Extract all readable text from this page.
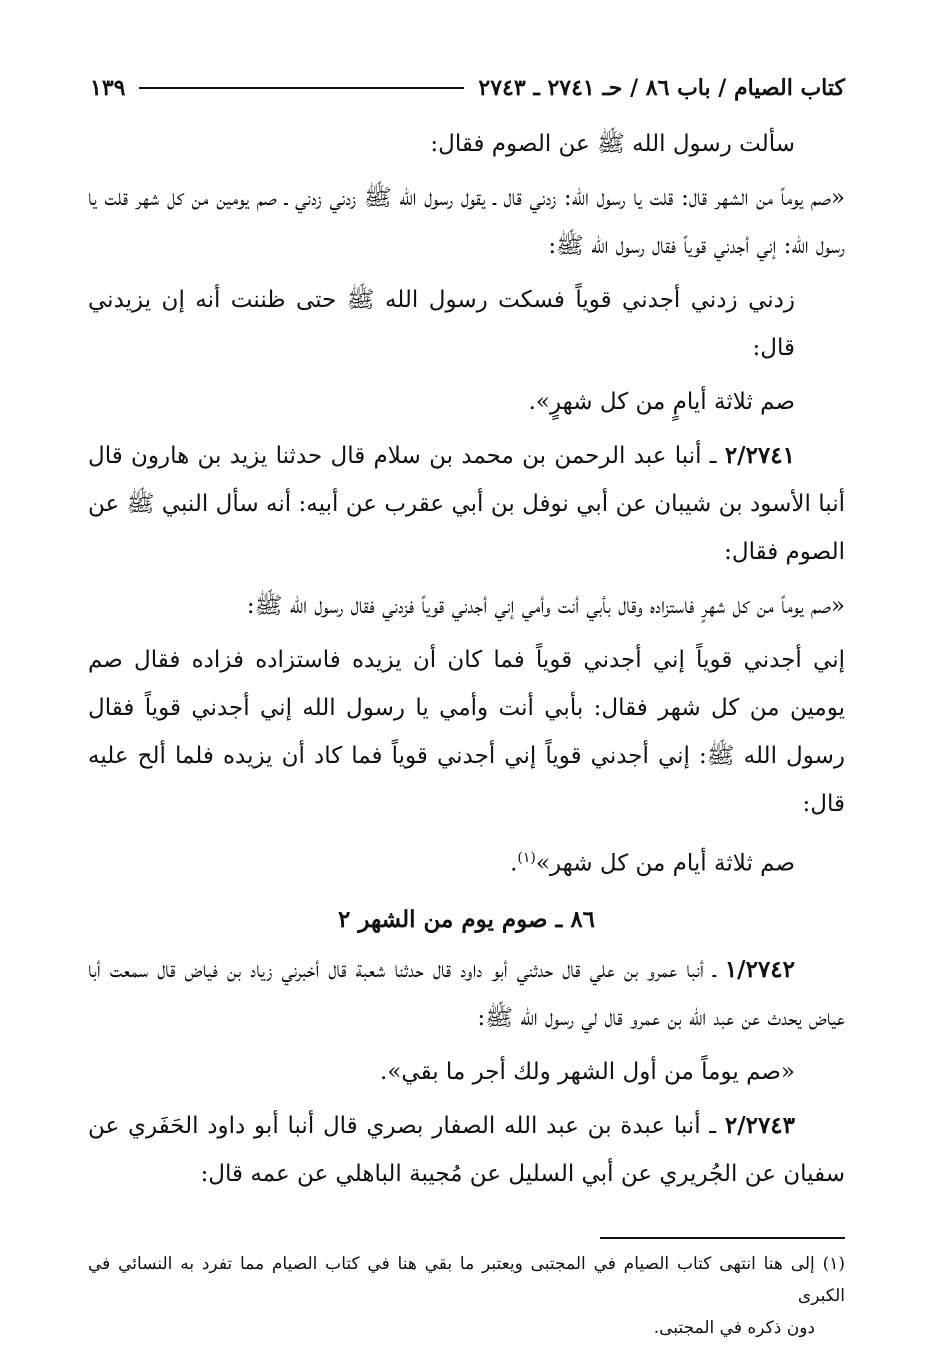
كتاب الصيام / باب ٨٦ / حـ ٢٧٤١ ـ ٢٧٤٣
١٣٩

سألت رسول الله ﷺ عن الصوم فقال:

«صم يوماً من الشهر قال: قلت يا رسول الله: زدني قال ـ يقول رسول الله ﷺ زدني زدني ـ صم يومين من كل شهر قلت يا رسول الله: إني أجدني قوياً فقال رسول الله ﷺ:

زدني زدني أجدني قوياً فسكت رسول الله ﷺ حتى ظننت أنه إن يزيدني قال:

صم ثلاثة أيامٍ من كل شهرٍ».

٢/٢٧٤١ ـ أنبا عبد الرحمن بن محمد بن سلام قال حدثنا يزيد بن هارون قال أنبا الأسود بن شيبان عن أبي نوفل بن أبي عقرب عن أبيه: أنه سأل النبي ﷺ عن الصوم فقال:

«صم يوماً من كل شهرٍ فاستزاده وقال بأبي أنت وأمي إني أجدني قوياً فزدني فقال رسول الله ﷺ:

إني أجدني قوياً إني أجدني قوياً فما كان أن يزيده فاستزاده فزاده فقال صم يومين من كل شهر فقال: بأبي أنت وأمي يا رسول الله إني أجدني قوياً فقال رسول الله ﷺ: إني أجدني قوياً إني أجدني قوياً فما كاد أن يزيده فلما ألح عليه قال:

صم ثلاثة أيام من كل شهر»$^{(١)}$.

٨٦ ـ صوم يوم من الشهر ٢

١/٢٧٤٢ ـ أنبا عمرو بن علي قال حدثني أبو داود قال حدثنا شعبة قال أخبرني زياد بن فياض قال سمعت أبا عياض يحدث عن عبد الله بن عمرو قال لي رسول الله ﷺ:

«صم يوماً من أول الشهر ولك أجر ما بقي».

٢/٢٧٤٣ ـ أنبا عبدة بن عبد الله الصفار بصري قال أنبا أبو داود الحَفَري عن سفيان عن الجُريري عن أبي السليل عن مُجيبة الباهلي عن عمه قال:

(١) إلى هنا انتهى كتاب الصيام في المجتبى ويعتبر ما بقي هنا في كتاب الصيام مما تفرد به النسائي في الكبرى
دون ذكره في المجتبى.
